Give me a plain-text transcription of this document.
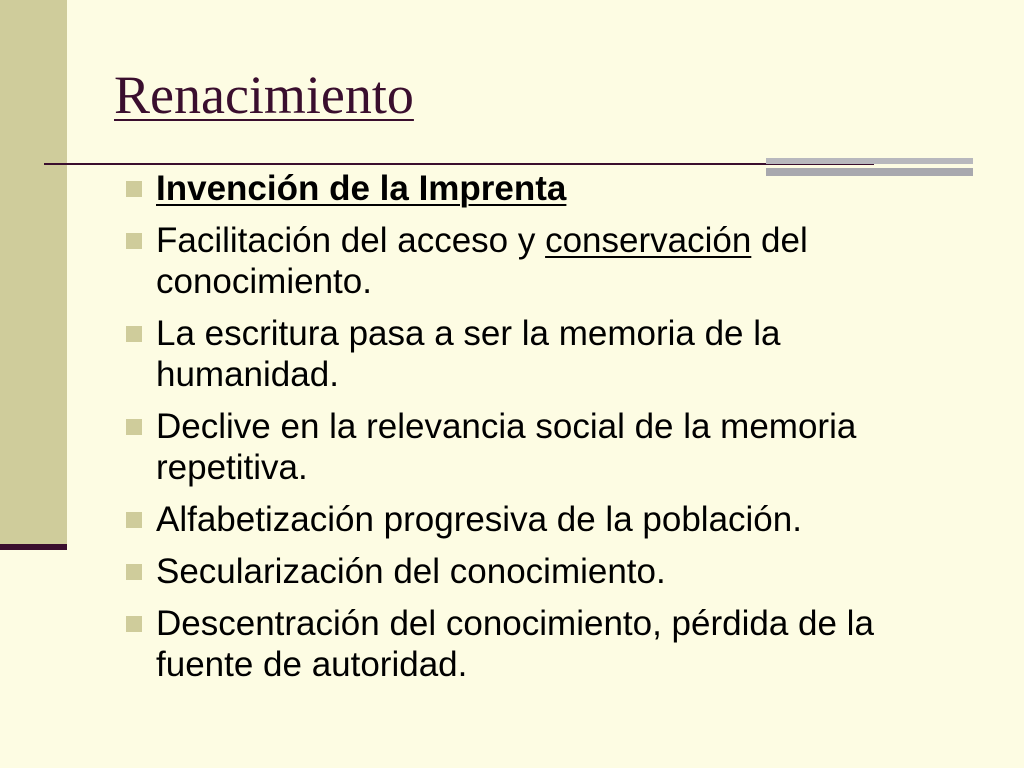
Renacimiento
Invención de la Imprenta
Facilitación del acceso y conservación del conocimiento.
La escritura pasa a ser la memoria de la humanidad.
Declive en la relevancia social de la memoria repetitiva.
Alfabetización progresiva de la población.
Secularización del conocimiento.
Descentración del conocimiento, pérdida de la fuente de autoridad.
